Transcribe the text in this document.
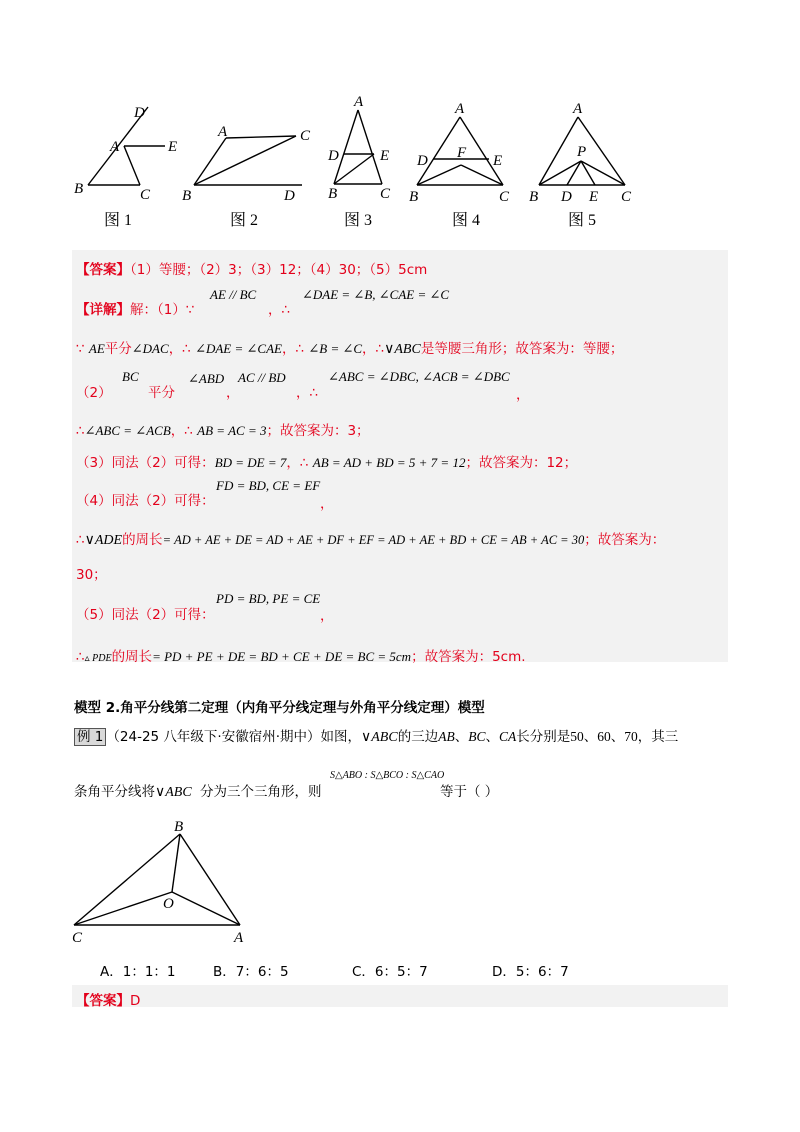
D
A	E
B	C
图 1
A	C
B	D
图 2
A
D	E
B	C
图 3
A
D F E
B	C
图 4
A
P
B D E C
图 5
【答案】（1）等腰；（2）3；（3）12；（4）30；（5）5cm
【详解】解：（1）∵
AE // BC
，∴
∠DAE = ∠B, ∠CAE = ∠C
∵ AE平分∠DAC，∴ ∠DAE = ∠CAE，∴ ∠B = ∠C，∴∨ABC是等腰三角形；故答案为：等腰；
（2）
BC
平分
∠ABD
，
AC // BD
，∴
∠ABC = ∠DBC, ∠ACB = ∠DBC
，
∴∠ABC = ∠ACB，∴ AB = AC = 3；故答案为：3；
（3）同法（2）可得：BD = DE = 7，∴ AB = AD + BD = 5 + 7 = 12；故答案为：12；
（4）同法（2）可得：
FD = BD, CE = EF
，
∴∨ADE的周长= AD + AE + DE = AD + AE + DF + EF = AD + AE + BD + CE = AB + AC = 30；故答案为：
30；
（5）同法（2）可得：
PD = BD, PE = CE
，
∴▵ PDE的周长= PD + PE + DE = BD + CE + DE = BC = 5cm；故答案为：5cm.
模型 2.角平分线第二定理（内角平分线定理与外角平分线定理）模型
例 1 （24-25 八年级下·安徽宿州·期中）如图，∨ABC的三边AB、BC、CA长分别是50、60、70，其三
条角平分线将∨ABC 分为三个三角形，则
S△ABO : S△BCO : S△CAO
等于（ ）
B
O
C	A
A．1：1：1	B．7：6：5	C．6：5：7	D．5：6：7
【答案】D
